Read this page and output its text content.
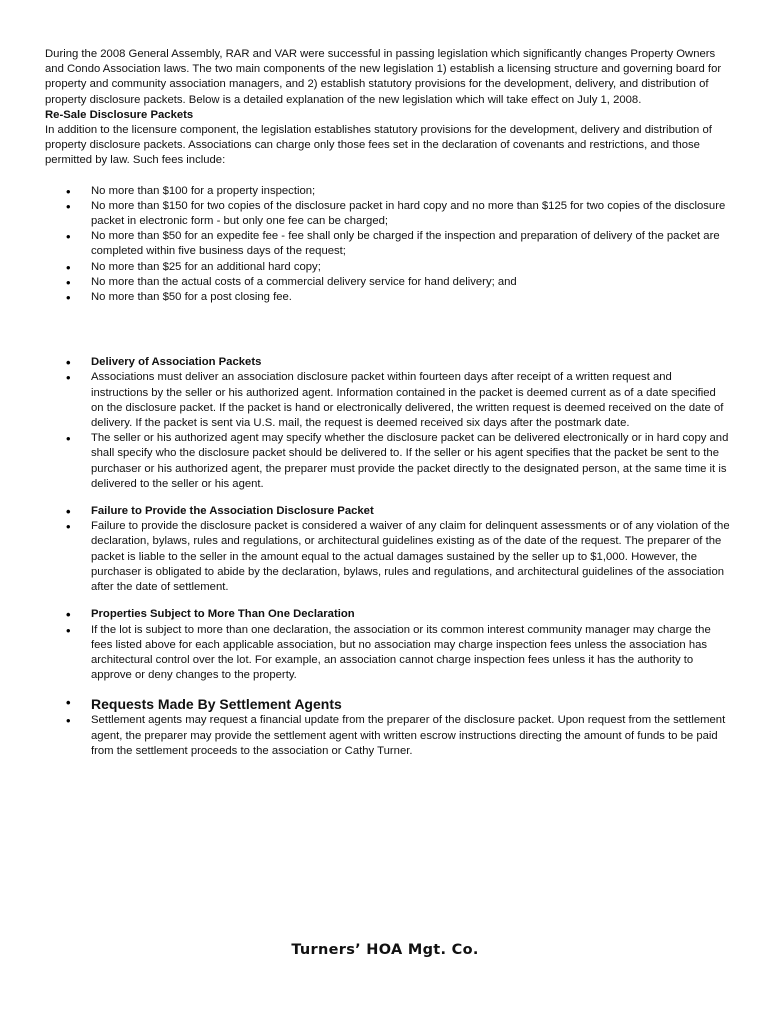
During the 2008 General Assembly, RAR and VAR were successful in passing legislation which significantly changes Property Owners and Condo Association laws. The two main components of the new legislation 1) establish a licensing structure and governing board for property and community association managers, and 2) establish statutory provisions for the development, delivery, and distribution of property disclosure packets. Below is a detailed explanation of the new legislation which will take effect on July 1, 2008.

Re-Sale Disclosure Packets

In addition to the licensure component, the legislation establishes statutory provisions for the development, delivery and distribution of property disclosure packets. Associations can charge only those fees set in the declaration of covenants and restrictions, and those permitted by law. Such fees include:

• No more than $100 for a property inspection;
• No more than $150 for two copies of the disclosure packet in hard copy and no more than $125 for two copies of the disclosure packet in electronic form - but only one fee can be charged;
• No more than $50 for an expedite fee - fee shall only be charged if the inspection and preparation of delivery of the packet are completed within five business days of the request;
• No more than $25 for an additional hard copy;
• No more than the actual costs of a commercial delivery service for hand delivery; and
• No more than $50 for a post closing fee.
• Delivery of Association Packets
• Associations must deliver an association disclosure packet within fourteen days after receipt of a written request and instructions by the seller or his authorized agent. Information contained in the packet is deemed current as of a date specified on the disclosure packet. If the packet is hand or electronically delivered, the written request is deemed received on the date of delivery. If the packet is sent via U.S. mail, the request is deemed received six days after the postmark date.
• The seller or his authorized agent may specify whether the disclosure packet can be delivered electronically or in hard copy and shall specify who the disclosure packet should be delivered to. If the seller or his agent specifies that the packet be sent to the purchaser or his authorized agent, the preparer must provide the packet directly to the designated person, at the same time it is delivered to the seller or his agent.
• Failure to Provide the Association Disclosure Packet
• Failure to provide the disclosure packet is considered a waiver of any claim for delinquent assessments or of any violation of the declaration, bylaws, rules and regulations, or architectural guidelines existing as of the date of the request. The preparer of the packet is liable to the seller in the amount equal to the actual damages sustained by the seller up to $1,000. However, the purchaser is obligated to abide by the declaration, bylaws, rules and regulations, and architectural guidelines of the association after the date of settlement.
• Properties Subject to More Than One Declaration
• If the lot is subject to more than one declaration, the association or its common interest community manager may charge the fees listed above for each applicable association, but no association may charge inspection fees unless the association has architectural control over the lot. For example, an association cannot charge inspection fees unless it has the authority to approve or deny changes to the property.
• Requests Made By Settlement Agents
• Settlement agents may request a financial update from the preparer of the disclosure packet. Upon request from the settlement agent, the preparer may provide the settlement agent with written escrow instructions directing the amount of funds to be paid from the settlement proceeds to the association or Cathy Turner.
Turners’ HOA Mgt. Co.
